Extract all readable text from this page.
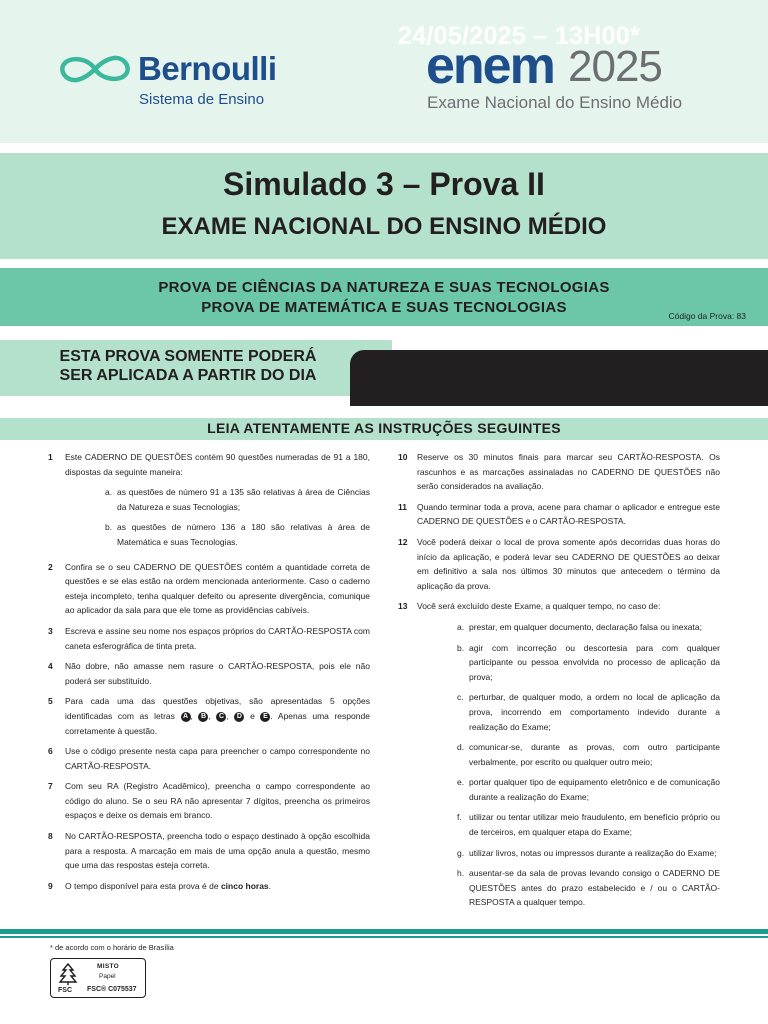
Bernoulli
Sistema de Ensino
enem 2025
Exame Nacional do Ensino Médio
Simulado 3 – Prova II
EXAME NACIONAL DO ENSINO MÉDIO
PROVA DE CIÊNCIAS DA NATUREZA E SUAS TECNOLOGIAS
PROVA DE MATEMÁTICA E SUAS TECNOLOGIAS	Código da Prova: 83
ESTA PROVA SOMENTE PODERÁ
SER APLICADA A PARTIR DO DIA
24/05/2025 – 13H00*
LEIA ATENTAMENTE AS INSTRUÇÕES SEGUINTES
1 Este CADERNO DE QUESTÕES contém 90 questões numeradas de 91 a 180, dispostas da seguinte maneira:
a. as questões de número 91 a 135 são relativas à área de Ciências da Natureza e suas Tecnologias;
b. as questões de número 136 a 180 são relativas à área de Matemática e suas Tecnologias.
2 Confira se o seu CADERNO DE QUESTÕES contém a quantidade correta de questões e se elas estão na ordem mencionada anteriormente. Caso o caderno esteja incompleto, tenha qualquer defeito ou apresente divergência, comunique ao aplicador da sala para que ele tome as providências cabíveis.
3 Escreva e assine seu nome nos espaços próprios do CARTÃO-RESPOSTA com caneta esferográfica de tinta preta.
4 Não dobre, não amasse nem rasure o CARTÃO-RESPOSTA, pois ele não poderá ser substituído.
5 Para cada uma das questões objetivas, são apresentadas 5 opções identificadas com as letras A , B , C , D e E . Apenas uma responde corretamente à questão.
6 Use o código presente nesta capa para preencher o campo correspondente no CARTÃO-RESPOSTA.
7 Com seu RA (Registro Acadêmico), preencha o campo correspondente ao código do aluno. Se o seu RA não apresentar 7 dígitos, preencha os primeiros espaços e deixe os demais em branco.
8 No CARTÃO-RESPOSTA, preencha todo o espaço destinado à opção escolhida para a resposta. A marcação em mais de uma opção anula a questão, mesmo que uma das respostas esteja correta.
9 O tempo disponível para esta prova é de cinco horas.
10 Reserve os 30 minutos finais para marcar seu CARTÃO-RESPOSTA. Os rascunhos e as marcações assinaladas no CADERNO DE QUESTÕES não serão considerados na avaliação.
11 Quando terminar toda a prova, acene para chamar o aplicador e entregue este CADERNO DE QUESTÕES e o CARTÃO-RESPOSTA.
12 Você poderá deixar o local de prova somente após decorridas duas horas do início da aplicação, e poderá levar seu CADERNO DE QUESTÕES ao deixar em definitivo a sala nos últimos 30 minutos que antecedem o término da aplicação da prova.
13 Você será excluído deste Exame, a qualquer tempo, no caso de:
a. prestar, em qualquer documento, declaração falsa ou inexata;
b. agir com incorreção ou descortesia para com qualquer participante ou pessoa envolvida no processo de aplicação da prova;
c. perturbar, de qualquer modo, a ordem no local de aplicação da prova, incorrendo em comportamento indevido durante a realização do Exame;
d. comunicar-se, durante as provas, com outro participante verbalmente, por escrito ou qualquer outro meio;
e. portar qualquer tipo de equipamento eletrônico e de comunicação durante a realização do Exame;
f. utilizar ou tentar utilizar meio fraudulento, em benefício próprio ou de terceiros, em qualquer etapa do Exame;
g. utilizar livros, notas ou impressos durante a realização do Exame;
h. ausentar-se da sala de provas levando consigo o CADERNO DE QUESTÕES antes do prazo estabelecido e / ou o CARTÃO-RESPOSTA a qualquer tempo.
* de acordo com o horário de Brasília
FSC
MISTO
Papel
FSC® C075537
